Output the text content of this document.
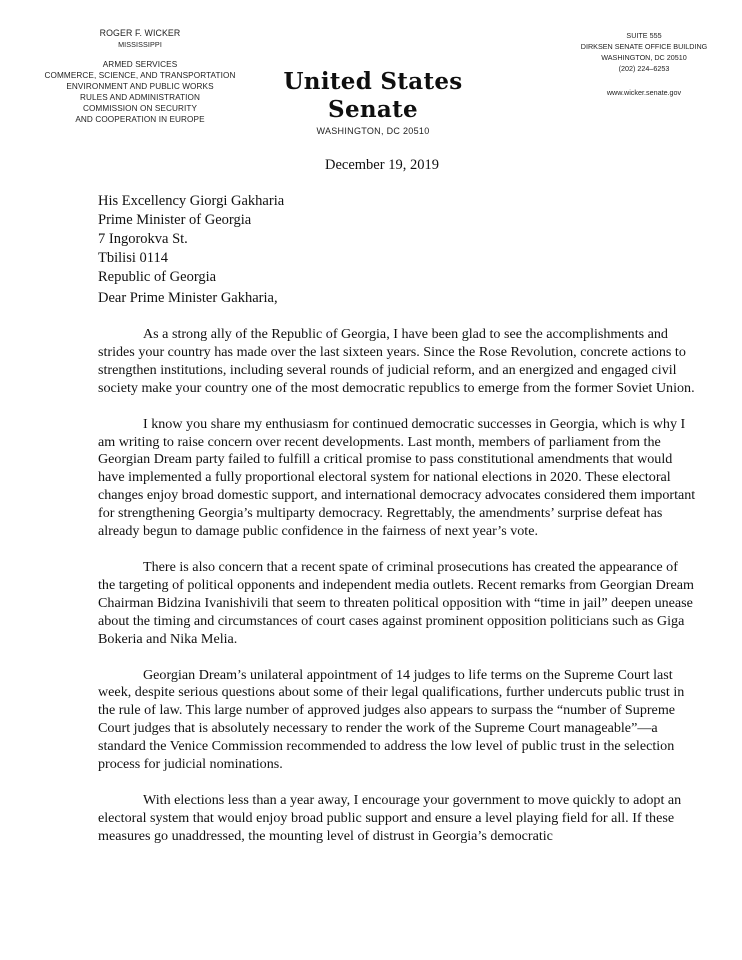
ROGER F. WICKER
MISSISSIPPI
ARMED SERVICES
COMMERCE, SCIENCE, AND TRANSPORTATION
ENVIRONMENT AND PUBLIC WORKS
RULES AND ADMINISTRATION
COMMISSION ON SECURITY
AND COOPERATION IN EUROPE
United States Senate
WASHINGTON, DC 20510
SUITE 555
DIRKSEN SENATE OFFICE BUILDING
WASHINGTON, DC 20510
(202) 224–6253
www.wicker.senate.gov
December 19, 2019
His Excellency Giorgi Gakharia
Prime Minister of Georgia
7 Ingorokva St.
Tbilisi 0114
Republic of Georgia
Dear Prime Minister Gakharia,

As a strong ally of the Republic of Georgia, I have been glad to see the accomplishments and strides your country has made over the last sixteen years. Since the Rose Revolution, concrete actions to strengthen institutions, including several rounds of judicial reform, and an energized and engaged civil society make your country one of the most democratic republics to emerge from the former Soviet Union.

I know you share my enthusiasm for continued democratic successes in Georgia, which is why I am writing to raise concern over recent developments. Last month, members of parliament from the Georgian Dream party failed to fulfill a critical promise to pass constitutional amendments that would have implemented a fully proportional electoral system for national elections in 2020. These electoral changes enjoy broad domestic support, and international democracy advocates considered them important for strengthening Georgia’s multiparty democracy. Regrettably, the amendments’ surprise defeat has already begun to damage public confidence in the fairness of next year’s vote.

There is also concern that a recent spate of criminal prosecutions has created the appearance of the targeting of political opponents and independent media outlets. Recent remarks from Georgian Dream Chairman Bidzina Ivanishivili that seem to threaten political opposition with “time in jail” deepen unease about the timing and circumstances of court cases against prominent opposition politicians such as Giga Bokeria and Nika Melia.

Georgian Dream’s unilateral appointment of 14 judges to life terms on the Supreme Court last week, despite serious questions about some of their legal qualifications, further undercuts public trust in the rule of law. This large number of approved judges also appears to surpass the “number of Supreme Court judges that is absolutely necessary to render the work of the Supreme Court manageable”—a standard the Venice Commission recommended to address the low level of public trust in the selection process for judicial nominations.

With elections less than a year away, I encourage your government to move quickly to adopt an electoral system that would enjoy broad public support and ensure a level playing field for all. If these measures go unaddressed, the mounting level of distrust in Georgia’s democratic
